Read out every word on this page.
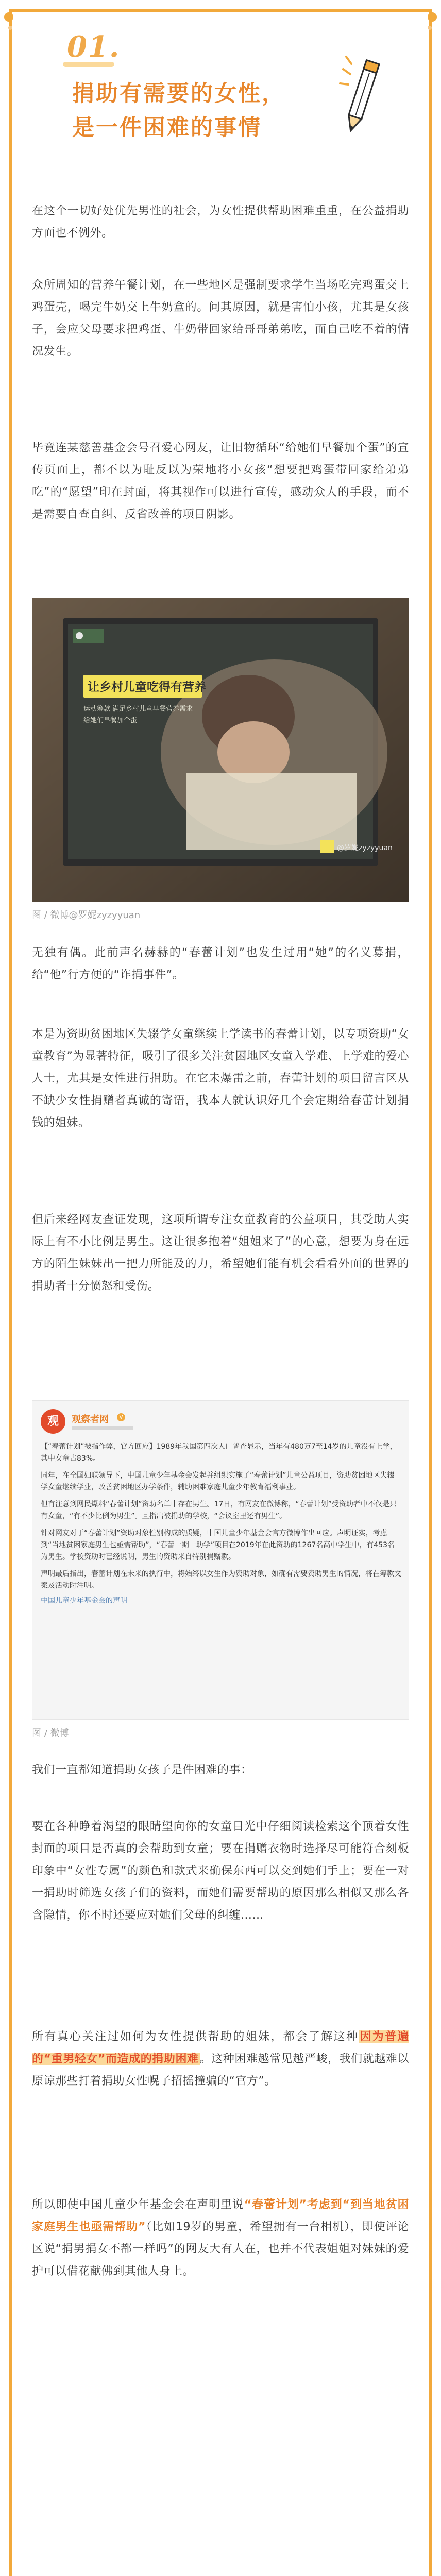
01.
捐助有需要的女性，
是一件困难的事情

在这个一切好处优先男性的社会，为女性提供帮助困难重重，在公益捐助方面也不例外。

众所周知的营养午餐计划，在一些地区是强制要求学生当场吃完鸡蛋交上鸡蛋壳，喝完牛奶交上牛奶盒的。问其原因，就是害怕小孩，尤其是女孩子，会应父母要求把鸡蛋、牛奶带回家给哥哥弟弟吃，而自己吃不着的情况发生。

毕竟连某慈善基金会号召爱心网友，让旧物循环“给她们早餐加个蛋”的宣传页面上，都不以为耻反以为荣地将小女孩“想要把鸡蛋带回家给弟弟吃”的“愿望”印在封面，将其视作可以进行宣传，感动众人的手段，而不是需要自查自纠、反省改善的项目阴影。

让乡村儿童吃得有营养
运动筹款 满足乡村儿童早餐营养需求
给她们早餐加个蛋
@罗妮zyzyyuan
图 / 微博@罗妮zyzyyuan

无独有偶。此前声名赫赫的“春蕾计划”也发生过用“她”的名义募捐，给“他”行方便的“诈捐事件”。

本是为资助贫困地区失辍学女童继续上学读书的春蕾计划，以专项资助“女童教育”为显著特征，吸引了很多关注贫困地区女童入学难、上学难的爱心人士，尤其是女性进行捐助。在它未爆雷之前，春蕾计划的项目留言区从不缺少女性捐赠者真诚的寄语，我本人就认识好几个会定期给春蕾计划捐钱的姐妹。

但后来经网友查证发现，这项所谓专注女童教育的公益项目，其受助人实际上有不小比例是男生。这让很多抱着“姐姐来了”的心意，想要为身在远方的陌生妹妹出一把力所能及的力，希望她们能有机会看看外面的世界的捐助者十分愤怒和受伤。

观	观察者网	V
【“春蕾计划”被指作弊，官方回应】1989年我国第四次人口普查显示，当年有480万7至14岁的儿童没有上学，其中女童占83%。
同年，在全国妇联领导下，中国儿童少年基金会发起并组织实施了“春蕾计划”儿童公益项目，资助贫困地区失辍学女童继续学业，改善贫困地区办学条件，辅助困难家庭儿童少年教育福利事业。
但有注意到网民爆料“春蕾计划”资助名单中存在男生。17日，有网友在微博称，“春蕾计划”受资助者中不仅是只有女童，“有不少比例为男生”。且指出被捐助的学校，“会议室里还有男生”。
针对网友对于“春蕾计划”资助对象性别构成的质疑，中国儿童少年基金会官方微博作出回应。声明证实，考虑到“当地贫困家庭男生也亟需帮助”，“春蕾一期一助学”项目在2019年在此资助的1267名高中学生中，有453名为男生。学校资助时已经说明，男生的资助来自特别捐赠款。
声明最后指出，春蕾计划在未来的执行中，将始终以女生作为资助对象，如确有需要资助男生的情况，将在筹款文案及活动时注明。
中国儿童少年基金会的声明
图 / 微博

我们一直都知道捐助女孩子是件困难的事：

要在各种睁着渴望的眼睛望向你的女童目光中仔细阅读检索这个顶着女性封面的项目是否真的会帮助到女童；要在捐赠衣物时选择尽可能符合刻板印象中“女性专属”的颜色和款式来确保东西可以交到她们手上；要在一对一捐助时筛选女孩子们的资料，而她们需要帮助的原因那么相似又那么各含隐情，你不时还要应对她们父母的纠缠……

所有真心关注过如何为女性提供帮助的姐妹，都会了解这种因为普遍的“重男轻女”而造成的捐助困难。这种困难越常见越严峻，我们就越难以原谅那些打着捐助女性幌子招摇撞骗的“官方”。

所以即使中国儿童少年基金会在声明里说“春蕾计划”考虑到“到当地贫困家庭男生也亟需帮助”（比如19岁的男童，希望拥有一台相机），即使评论区说“捐男捐女不都一样吗”的网友大有人在，也并不代表姐姐对妹妹的爱护可以借花献佛到其他人身上。
